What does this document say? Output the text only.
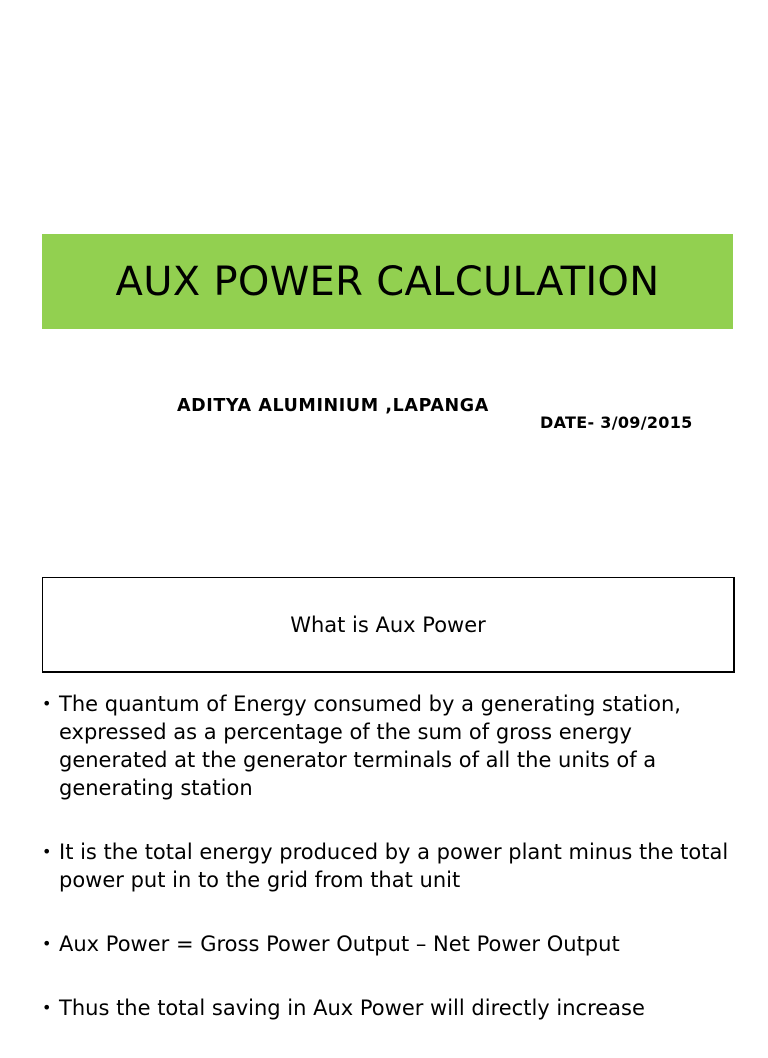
AUX POWER CALCULATION
ADITYA ALUMINIUM ,LAPANGA
DATE- 3/09/2015
What is Aux Power
• The quantum of Energy consumed by a generating station, expressed as a percentage of the sum of gross energy generated at the generator terminals of all the units of a generating station
• It is the total energy produced by a power plant minus the total power put in to the grid from that unit
• Aux Power = Gross Power Output – Net Power Output
• Thus the total saving in Aux Power will directly increase
